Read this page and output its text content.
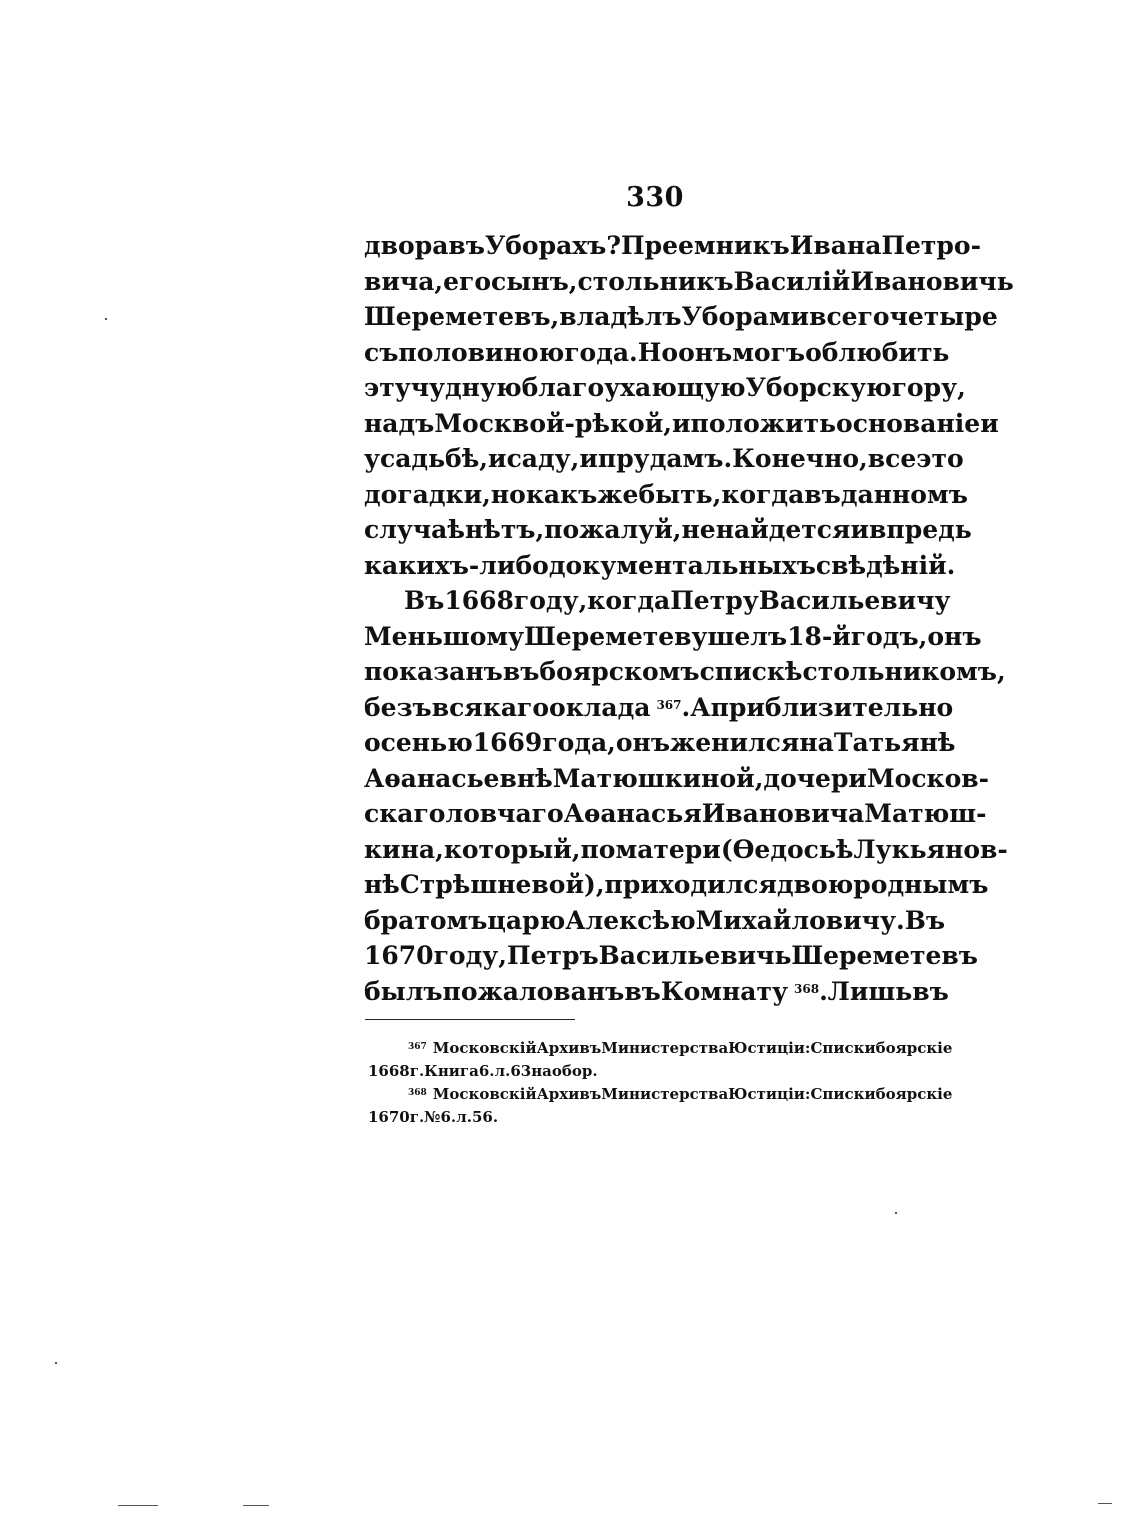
330
двора въ Уборахъ? Преемникъ Ивана Петро-
вича, его сынъ, стольникъ Василій Ивановичь
Шереметевъ, владѣлъ Уборами всего четыре
съ половиною года. Но онъ могъ облюбить
эту чудную благоухающую Уборскую гору,
надъ Москвой-рѣкой, и положить основаніе и
усадьбѣ, и саду, и прудамъ. Конечно, все это
догадки, но какъ же быть, когда въ данномъ
случаѣ нѣтъ, пожалуй, не найдется и впредь
какихъ-либо документальныхъ свѣдѣній.
Въ 1668 году, когда Петру Васильевичу
Меньшому Шереметеву шелъ 18-й годъ, онъ
показанъ въ боярскомъ спискѣ стольникомъ,
безъ всякаго оклада $^{367}$. А приблизительно
осенью 1669 года, онъ женился на Татьянѣ
Аѳанасьевнѣ Матюшкиной, дочери Москов-
скаго ловчаго Аѳанасья Ивановича Матюш-
кина, который, по матери (Ѳедосьѣ Лукьянов-
нѣ Стрѣшневой), приходился двоюроднымъ
братомъ царю Алексѣю Михайловичу. Въ
1670 году, Петръ Васильевичь Шереметевъ
былъ пожалованъ въ Комнату $^{368}$. Лишь въ
$^{367}$ Московскій Архивъ Министерства Юстиціи: Списки боярскіе
1668 г. Книга 6. л. 63 на обор.
$^{368}$ Московскій Архивъ Министерства Юстиціи: Списки боярскіе
1670 г. № 6. л. 56.
